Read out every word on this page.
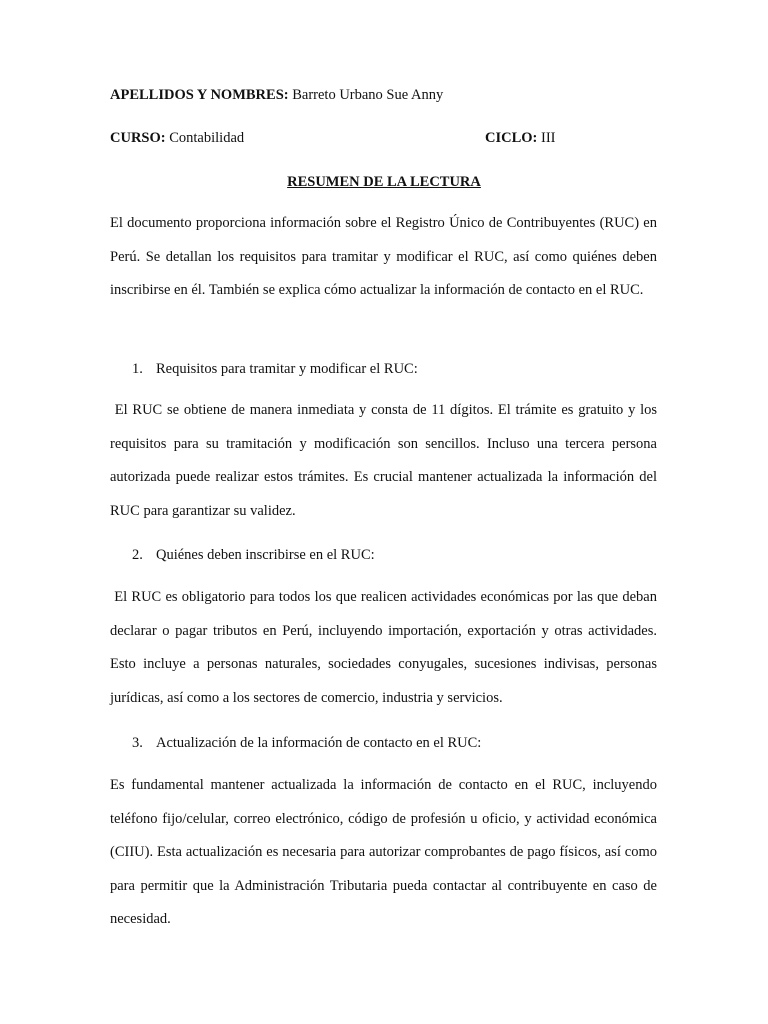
APELLIDOS Y NOMBRES: Barreto Urbano Sue Anny
CURSO: Contabilidad	CICLO: III
RESUMEN DE LA LECTURA

El documento proporciona información sobre el Registro Único de Contribuyentes (RUC) en Perú. Se detallan los requisitos para tramitar y modificar el RUC, así como quiénes deben inscribirse en él. También se explica cómo actualizar la información de contacto en el RUC.

1. Requisitos para tramitar y modificar el RUC:

El RUC se obtiene de manera inmediata y consta de 11 dígitos. El trámite es gratuito y los requisitos para su tramitación y modificación son sencillos. Incluso una tercera persona autorizada puede realizar estos trámites. Es crucial mantener actualizada la información del RUC para garantizar su validez.

2. Quiénes deben inscribirse en el RUC:

El RUC es obligatorio para todos los que realicen actividades económicas por las que deban declarar o pagar tributos en Perú, incluyendo importación, exportación y otras actividades. Esto incluye a personas naturales, sociedades conyugales, sucesiones indivisas, personas jurídicas, así como a los sectores de comercio, industria y servicios.

3. Actualización de la información de contacto en el RUC:

Es fundamental mantener actualizada la información de contacto en el RUC, incluyendo teléfono fijo/celular, correo electrónico, código de profesión u oficio, y actividad económica (CIIU). Esta actualización es necesaria para autorizar comprobantes de pago físicos, así como para permitir que la Administración Tributaria pueda contactar al contribuyente en caso de necesidad.
